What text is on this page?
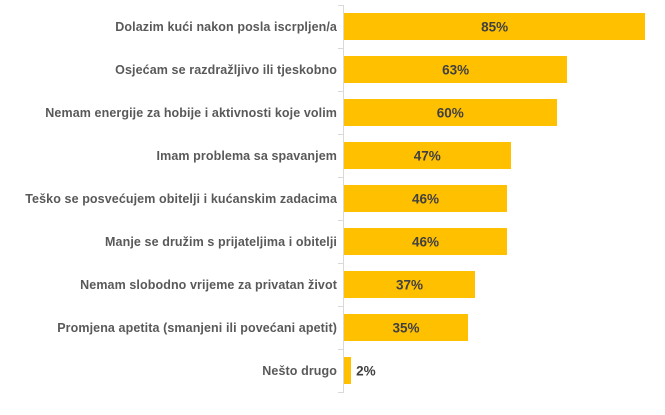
Dolazim kući nakon posla iscrpljen/a	85%
Osjećam se razdražljivo ili tjeskobno	63%
Nemam energije za hobije i aktivnosti koje volim	60%
Imam problema sa spavanjem	47%
Teško se posvećujem obitelji i kućanskim zadacima	46%
Manje se družim s prijateljima i obitelji	46%
Nemam slobodno vrijeme za privatan život	37%
Promjena apetita (smanjeni ili povećani apetit)	35%
Nešto drugo 2%
